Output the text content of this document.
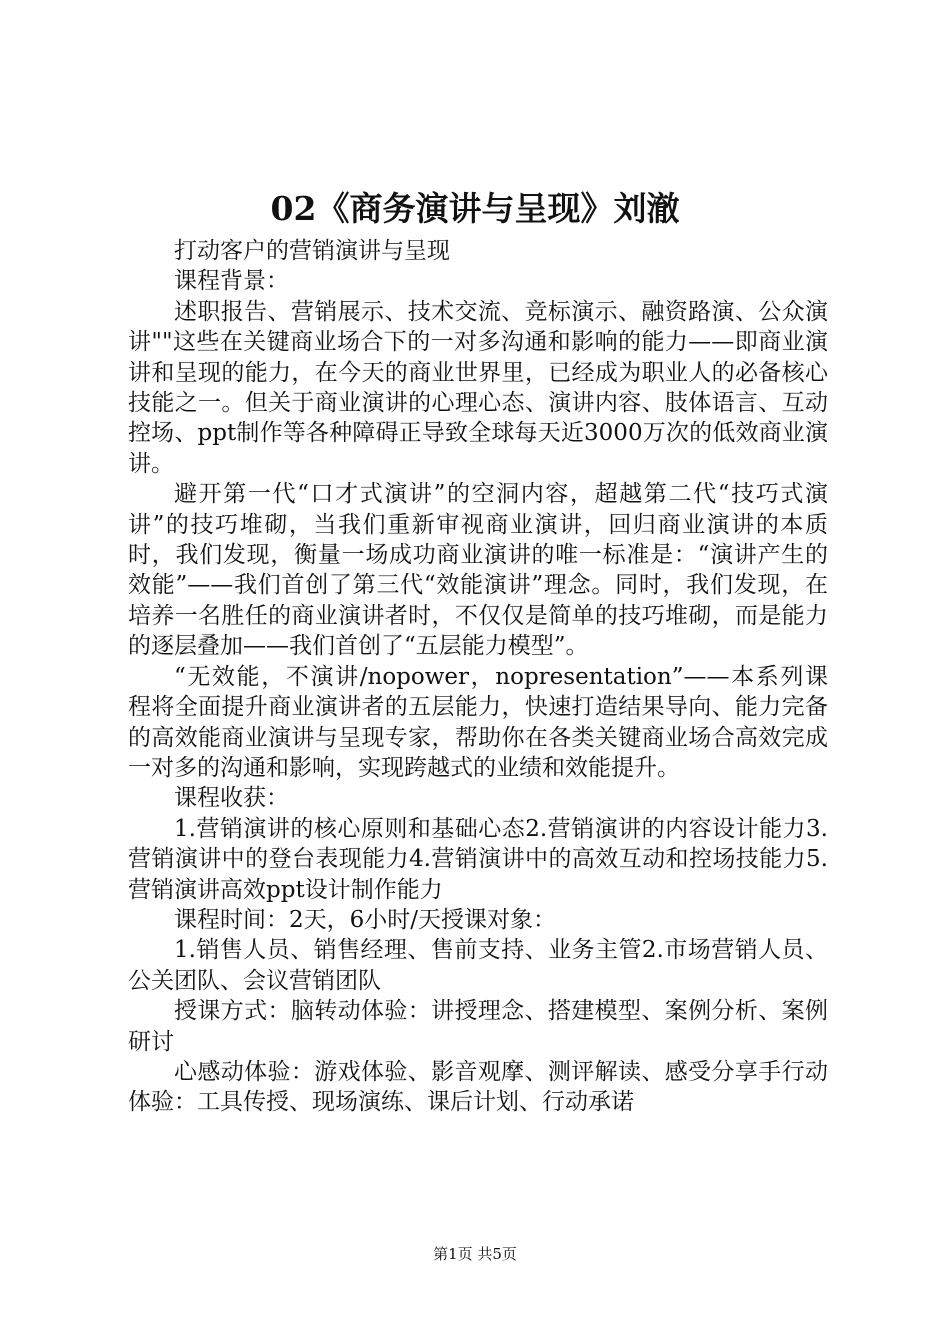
02《商务演讲与呈现》刘澈

打动客户的营销演讲与呈现

课程背景：

述职报告、营销展示、技术交流、竞标演示、融资路演、公众演讲""这些在关键商业场合下的一对多沟通和影响的能力——即商业演讲和呈现的能力，在今天的商业世界里，已经成为职业人的必备核心技能之一。但关于商业演讲的心理心态、演讲内容、肢体语言、互动控场、ppt制作等各种障碍正导致全球每天近3000万次的低效商业演讲。

避开第一代“口才式演讲”的空洞内容，超越第二代“技巧式演讲”的技巧堆砌，当我们重新审视商业演讲，回归商业演讲的本质时，我们发现，衡量一场成功商业演讲的唯一标准是：“演讲产生的效能”——我们首创了第三代“效能演讲”理念。同时，我们发现，在培养一名胜任的商业演讲者时，不仅仅是简单的技巧堆砌，而是能力的逐层叠加——我们首创了“五层能力模型”。

“无效能，不演讲/nopower，nopresentation”——本系列课程将全面提升商业演讲者的五层能力，快速打造结果导向、能力完备的高效能商业演讲与呈现专家，帮助你在各类关键商业场合高效完成一对多的沟通和影响，实现跨越式的业绩和效能提升。

课程收获：

1.营销演讲的核心原则和基础心态2.营销演讲的内容设计能力3.营销演讲中的登台表现能力4.营销演讲中的高效互动和控场技能力5.营销演讲高效ppt设计制作能力

课程时间：2天，6小时/天授课对象：

1.销售人员、销售经理、售前支持、业务主管2.市场营销人员、公关团队、会议营销团队

授课方式：脑转动体验：讲授理念、搭建模型、案例分析、案例研讨

心感动体验：游戏体验、影音观摩、测评解读、感受分享手行动体验：工具传授、现场演练、课后计划、行动承诺

第1页 共5页
